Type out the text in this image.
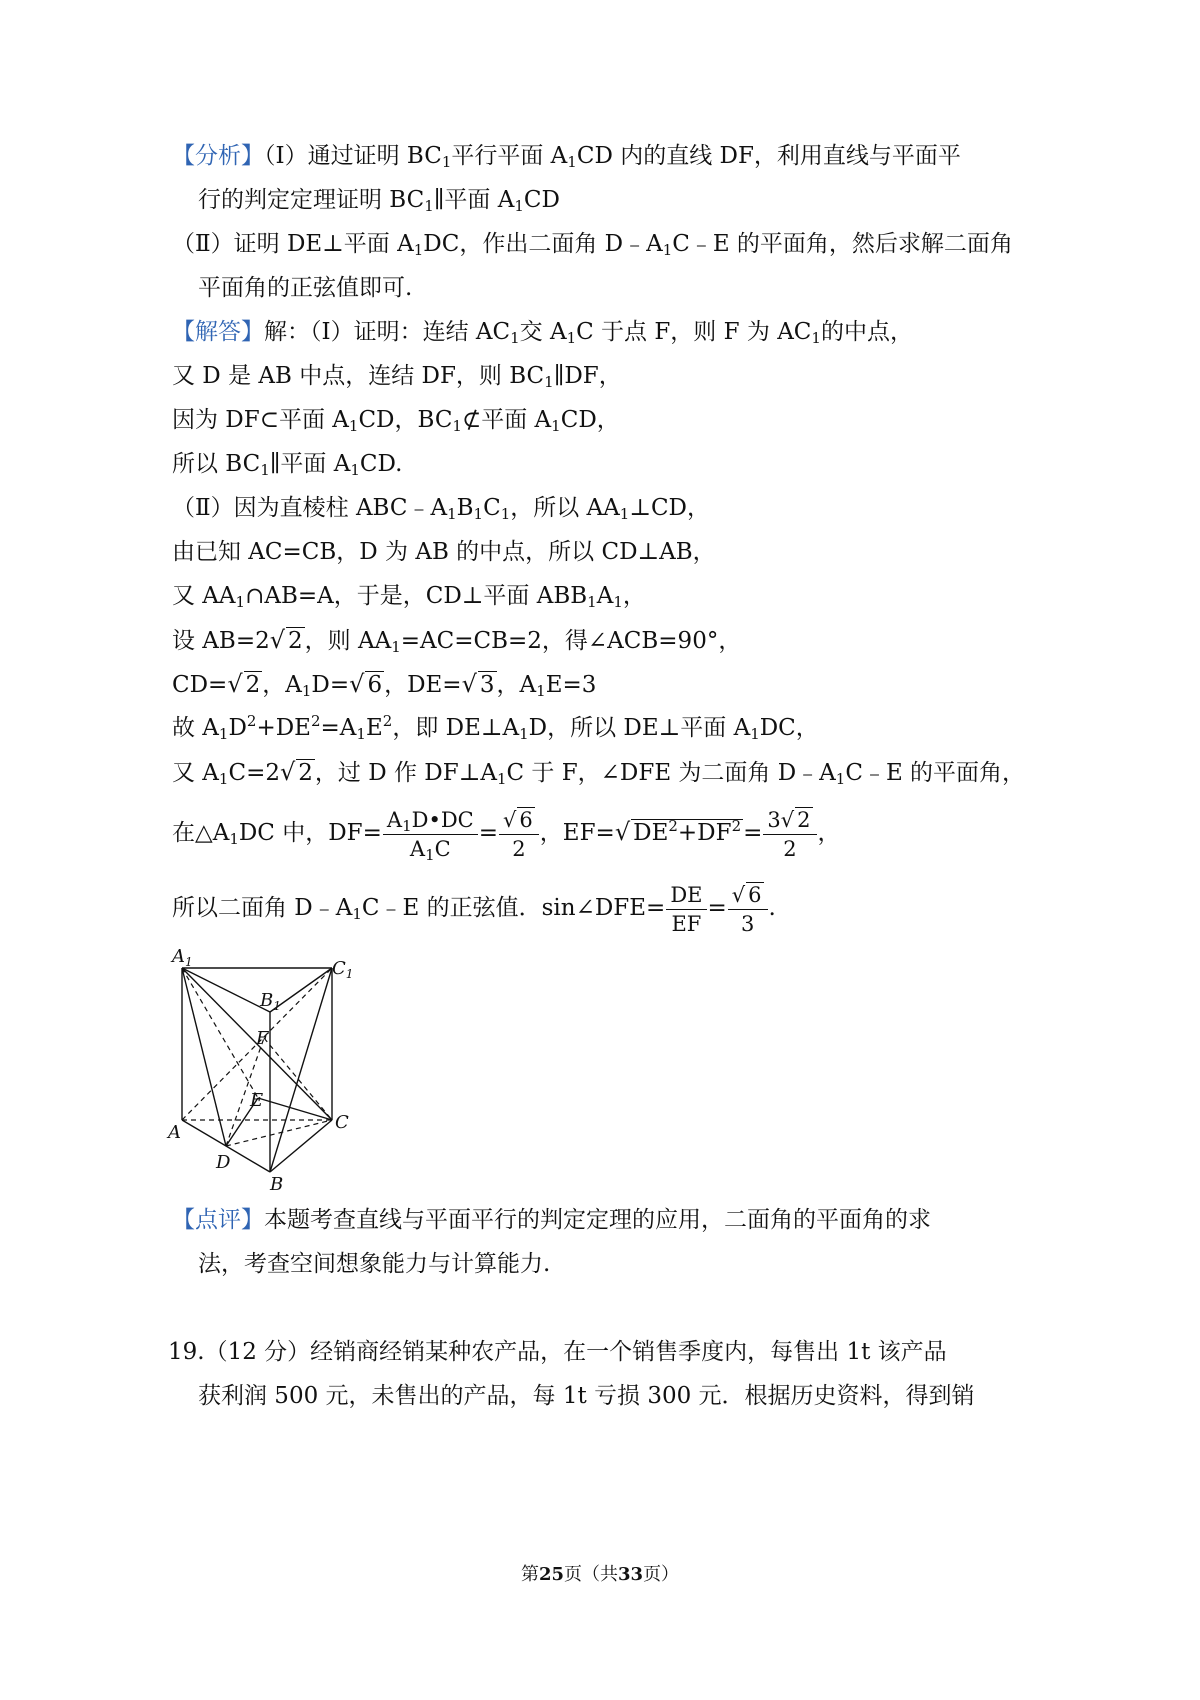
【分析】（Ⅰ）通过证明 $BC_1$平行平面 $A_1CD$ 内的直线 DF，利用直线与平面平
行的判定定理证明 $BC_1\parallel$平面 $A_1CD$
（Ⅱ）证明 DE⊥平面 $A_1DC$，作出二面角 $D﹣A_1C﹣E$ 的平面角，然后求解二面角
平面角的正弦值即可.
【解答】解：（Ⅰ）证明：连结 $AC_1$交 $A_1C$ 于点 F，则 F 为 $AC_1$的中点，
又 D 是 AB 中点，连结 DF，则 $BC_1\parallel DF$，
因为 DF⊂平面 $A_1CD$，$BC_1⊄$平面 $A_1CD$，
所以 $BC_1\parallel$平面 $A_1CD$.
（Ⅱ）因为直棱柱 $ABC﹣A_1B_1C_1$，所以 $AA_1\perp CD$，
由已知 AC=CB，D 为 AB 的中点，所以 CD⊥AB，
又 $AA_1\cap AB=A$，于是，CD⊥平面 $ABB_1A_1$，
设 AB=2√ 2，则 $AA_1=AC=CB=2$，得∠ACB=90°，
CD=√ 2，$A_1D=√$ 6，DE=√ 3，$A_1E=3$
故 $A_1D^2+DE^2=A_1E^2$，即 $DE\perp A_1D$，所以 DE⊥平面 $A_1DC$，
又 $A_1C=2√$ 2，过 D 作 $DF\perp A_1C$ 于 F，∠DFE 为二面角 $D﹣A_1C﹣E$ 的平面角，
在$\triangle A_1DC$ 中，$DF= \frac{A_1D•DC}{A_1C} = \frac{√ 6}{2}$ ，EF=√ $DE^2+DF^2= \frac{3√ 2}{2}$ ，
所以二面角 $D﹣A_1C﹣E$ 的正弦值．sin∠DFE= $\frac{DE}{EF} = \frac{√ 6}{3}$ .
$A_1$	$C_1$
$B_1$
F
E
C
A
D
B
【点评】本题考查直线与平面平行的判定定理的应用，二面角的平面角的求
法，考查空间想象能力与计算能力.
19.（12 分）经销商经销某种农产品，在一个销售季度内，每售出 1t 该产品
获利润 500 元，未售出的产品，每 1t 亏损 300 元．根据历史资料，得到销
第25页（共33页）
